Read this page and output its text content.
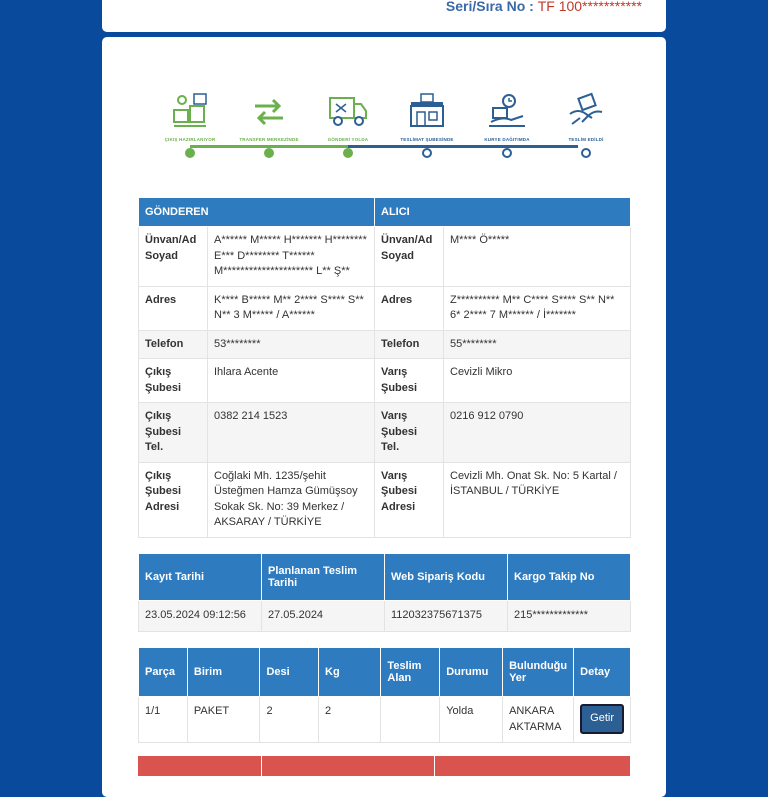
Seri/Sıra No : TF 100***********
ÇIKIŞ HAZIRLANIYOR	TRANSFER MERKEZİNDE	GÖNDERİ YOLDA	TESLİMAT ŞUBESİNDE	KURYE DAĞITIMDA	TESLİM EDİLDİ
GÖNDEREN		ALICI	
Ünvan/Ad Soyad	A****** M***** H******* H******** E*** D******** T****** M********************* L** Ş**	Ünvan/Ad Soyad	M**** Ö*****
Adres	K**** B***** M** 2**** S**** S** N** 3 M***** / A******	Adres	Z********** M** C**** S**** S** N** 6* 2**** 7 M****** / İ*******
Telefon	53********	Telefon	55********
Çıkış Şubesi	Ihlara Acente	Varış Şubesi	Cevizli Mikro
Çıkış Şubesi Tel.	0382 214 1523	Varış Şubesi Tel.	0216 912 0790
Çıkış Şubesi Adresi	Coğlaki Mh. 1235/şehit Üsteğmen Hamza Gümüşsoy Sokak Sk. No: 39 Merkez / AKSARAY / TÜRKİYE	Varış Şubesi Adresi	Cevizli Mh. Onat Sk. No: 5 Kartal / İSTANBUL / TÜRKİYE
Kayıt Tarihi	Planlanan Teslim Tarihi	Web Sipariş Kodu	Kargo Takip No
23.05.2024 09:12:56	27.05.2024	112032375671375	215*************
Parça	Birim	Desi	Kg	Teslim Alan	Durumu	Bulunduğu Yer	Detay
1/1	PAKET	2	2		Yolda	ANKARA AKTARMA	Getir
